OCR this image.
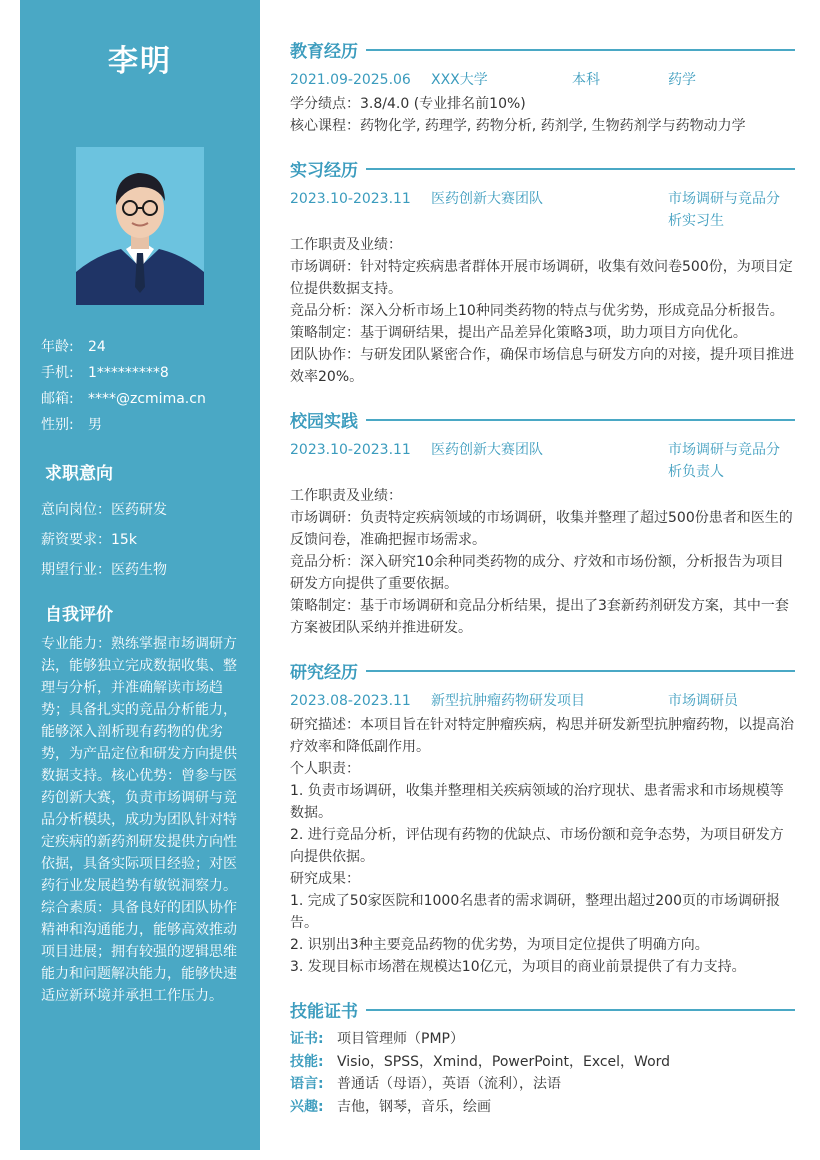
李明
年龄: 24
手机: 1*********8
邮箱: ****@zcmima.cn
性别: 男
求职意向
意向岗位：医药研发
薪资要求：15k
期望行业：医药生物
自我评价
专业能力：熟练掌握市场调研方法，能够独立完成数据收集、整理与分析，并准确解读市场趋势；具备扎实的竞品分析能力，能够深入剖析现有药物的优劣势，为产品定位和研发方向提供数据支持。核心优势：曾参与医药创新大赛，负责市场调研与竞品分析模块，成功为团队针对特定疾病的新药剂研发提供方向性依据，具备实际项目经验；对医药行业发展趋势有敏锐洞察力。综合素质：具备良好的团队协作精神和沟通能力，能够高效推动项目进展；拥有较强的逻辑思维能力和问题解决能力，能够快速适应新环境并承担工作压力。
教育经历
2021.09-2025.06 XXX大学	本科	药学
学分绩点：3.8/4.0 (专业排名前10%)
核心课程：药物化学, 药理学, 药物分析, 药剂学, 生物药剂学与药物动力学
实习经历
2023.10-2023.11 医药创新大赛团队	市场调研与竞品分析实习生
工作职责及业绩：
市场调研：针对特定疾病患者群体开展市场调研，收集有效问卷500份，为项目定位提供数据支持。
竞品分析：深入分析市场上10种同类药物的特点与优劣势，形成竞品分析报告。
策略制定：基于调研结果，提出产品差异化策略3项，助力项目方向优化。
团队协作：与研发团队紧密合作，确保市场信息与研发方向的对接，提升项目推进效率20%。
校园实践
2023.10-2023.11 医药创新大赛团队	市场调研与竞品分析负责人
工作职责及业绩：
市场调研：负责特定疾病领域的市场调研，收集并整理了超过500份患者和医生的反馈问卷，准确把握市场需求。
竞品分析：深入研究10余种同类药物的成分、疗效和市场份额，分析报告为项目研发方向提供了重要依据。
策略制定：基于市场调研和竞品分析结果，提出了3套新药剂研发方案，其中一套方案被团队采纳并推进研发。
研究经历
2023.08-2023.11 新型抗肿瘤药物研发项目	市场调研员
研究描述：本项目旨在针对特定肿瘤疾病，构思并研发新型抗肿瘤药物，以提高治疗效率和降低副作用。
个人职责：
1. 负责市场调研，收集并整理相关疾病领域的治疗现状、患者需求和市场规模等数据。
2. 进行竞品分析，评估现有药物的优缺点、市场份额和竞争态势，为项目研发方向提供依据。
研究成果：
1. 完成了50家医院和1000名患者的需求调研，整理出超过200页的市场调研报告。
2. 识别出3种主要竞品药物的优劣势，为项目定位提供了明确方向。
3. 发现目标市场潜在规模达10亿元，为项目的商业前景提供了有力支持。
技能证书
证书: 项目管理师（PMP）
技能: Visio，SPSS，Xmind，PowerPoint，Excel，Word
语言: 普通话（母语），英语（流利），法语
兴趣: 吉他，钢琴，音乐，绘画
